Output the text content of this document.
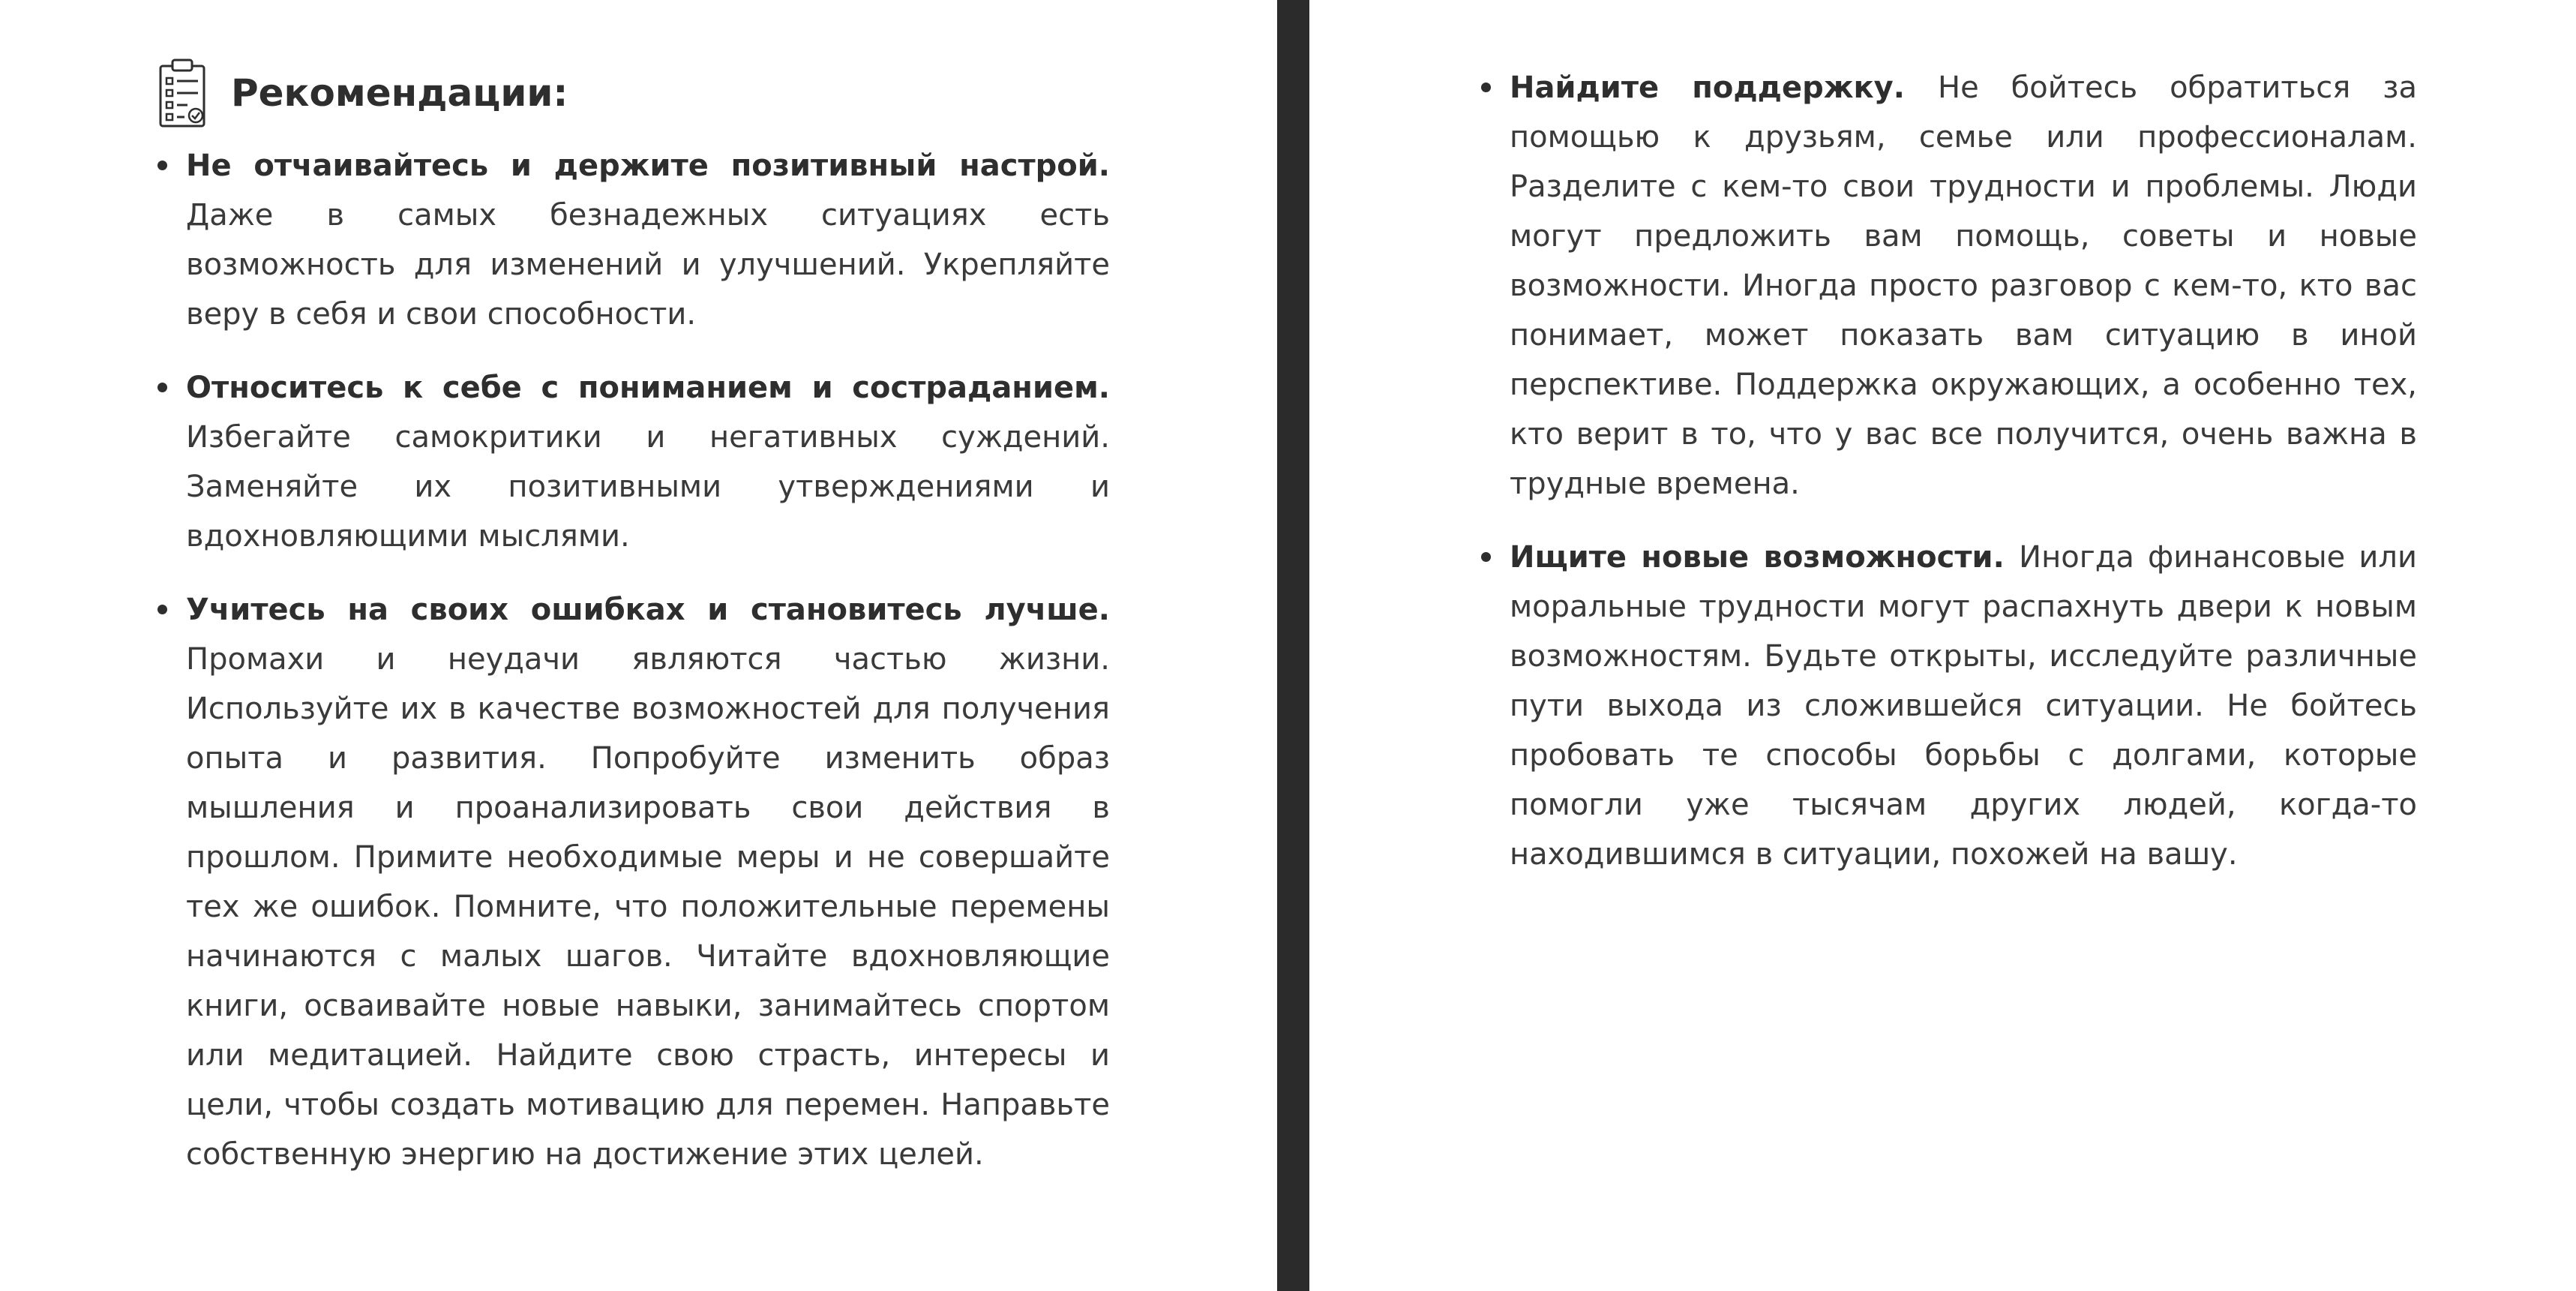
Рекомендации:
Не отчаивайтесь и держите позитивный настрой. Даже в самых безнадежных ситуациях есть возможность для изменений и улучшений. Укрепляйте веру в себя и свои способности.
Относитесь к себе с пониманием и состраданием. Избегайте самокритики и негативных суждений. Заменяйте их позитивными утверждениями и вдохновляющими мыслями.
Учитесь на своих ошибках и становитесь лучше. Промахи и неудачи являются частью жизни. Используйте их в качестве возможностей для получения опыта и развития. Попробуйте изменить образ мышления и проанализировать свои действия в прошлом. Примите необходимые меры и не совершайте тех же ошибок. Помните, что положительные перемены начинаются с малых шагов. Читайте вдохновляющие книги, осваивайте новые навыки, занимайтесь спортом или медитацией. Найдите свою страсть, интересы и цели, чтобы создать мотивацию для перемен. Направьте собственную энергию на достижение этих целей.
Найдите поддержку. Не бойтесь обратиться за помощью к друзьям, семье или профессионалам. Разделите с кем-то свои трудности и проблемы. Люди могут предложить вам помощь, советы и новые возможности. Иногда просто разговор с кем-то, кто вас понимает, может показать вам ситуацию в иной перспективе. Поддержка окружающих, а особенно тех, кто верит в то, что у вас все получится, очень важна в трудные времена.
Ищите новые возможности. Иногда финансовые или моральные трудности могут распахнуть двери к новым возможностям. Будьте открыты, исследуйте различные пути выхода из сложившейся ситуации. Не бойтесь пробовать те способы борьбы с долгами, которые помогли уже тысячам других людей, когда-то находившимся в ситуации, похожей на вашу.
